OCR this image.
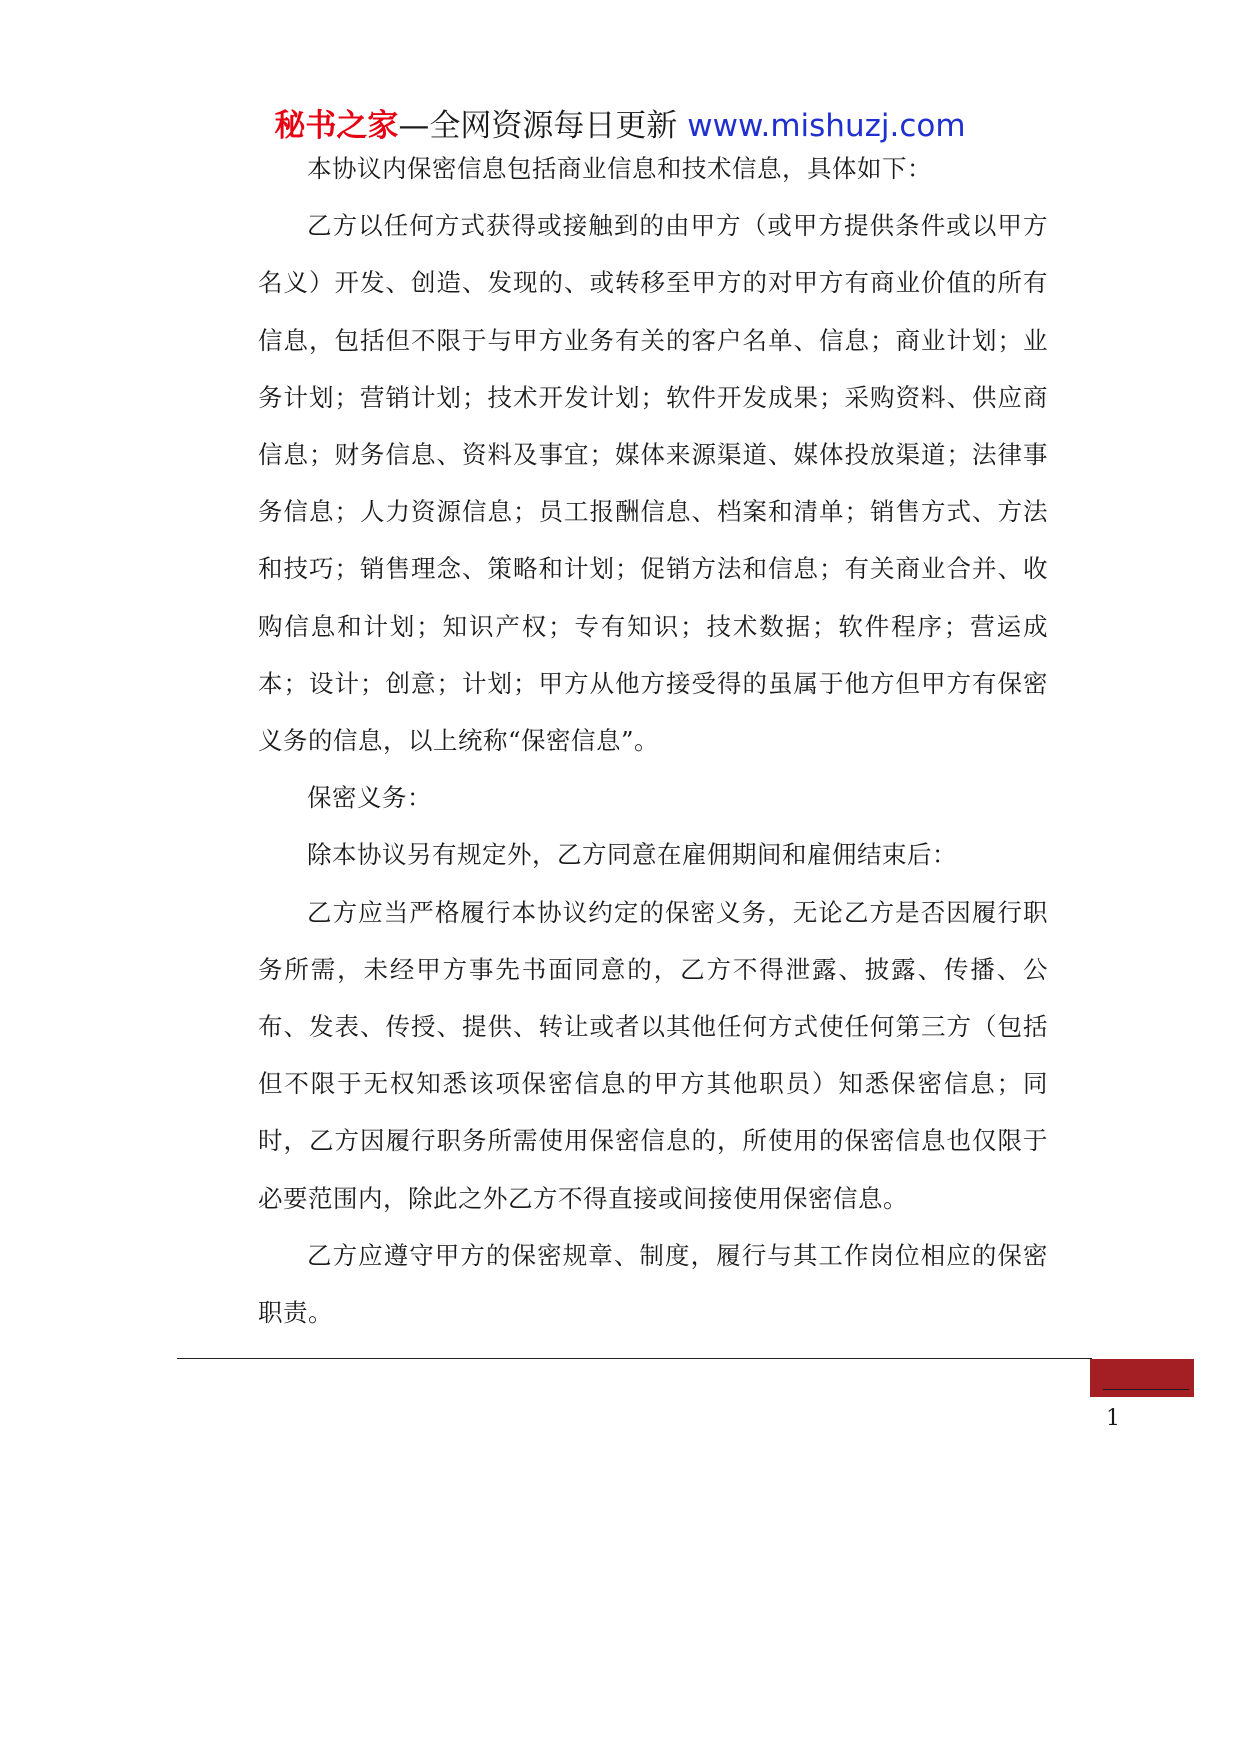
秘书之家—全网资源每日更新 www.mishuzj.com

本协议内保密信息包括商业信息和技术信息，具体如下：

乙方以任何方式获得或接触到的由甲方（或甲方提供条件或以甲方名义）开发、创造、发现的、或转移至甲方的对甲方有商业价值的所有信息，包括但不限于与甲方业务有关的客户名单、信息；商业计划；业务计划；营销计划；技术开发计划；软件开发成果；采购资料、供应商信息；财务信息、资料及事宜；媒体来源渠道、媒体投放渠道；法律事务信息；人力资源信息；员工报酬信息、档案和清单；销售方式、方法和技巧；销售理念、策略和计划；促销方法和信息；有关商业合并、收购信息和计划；知识产权；专有知识；技术数据；软件程序；营运成本；设计；创意；计划；甲方从他方接受得的虽属于他方但甲方有保密义务的信息，以上统称“保密信息”。

保密义务：

除本协议另有规定外，乙方同意在雇佣期间和雇佣结束后：

乙方应当严格履行本协议约定的保密义务，无论乙方是否因履行职务所需，未经甲方事先书面同意的，乙方不得泄露、披露、传播、公布、发表、传授、提供、转让或者以其他任何方式使任何第三方（包括但不限于无权知悉该项保密信息的甲方其他职员）知悉保密信息；同时，乙方因履行职务所需使用保密信息的，所使用的保密信息也仅限于必要范围内，除此之外乙方不得直接或间接使用保密信息。

乙方应遵守甲方的保密规章、制度，履行与其工作岗位相应的保密职责。

1
